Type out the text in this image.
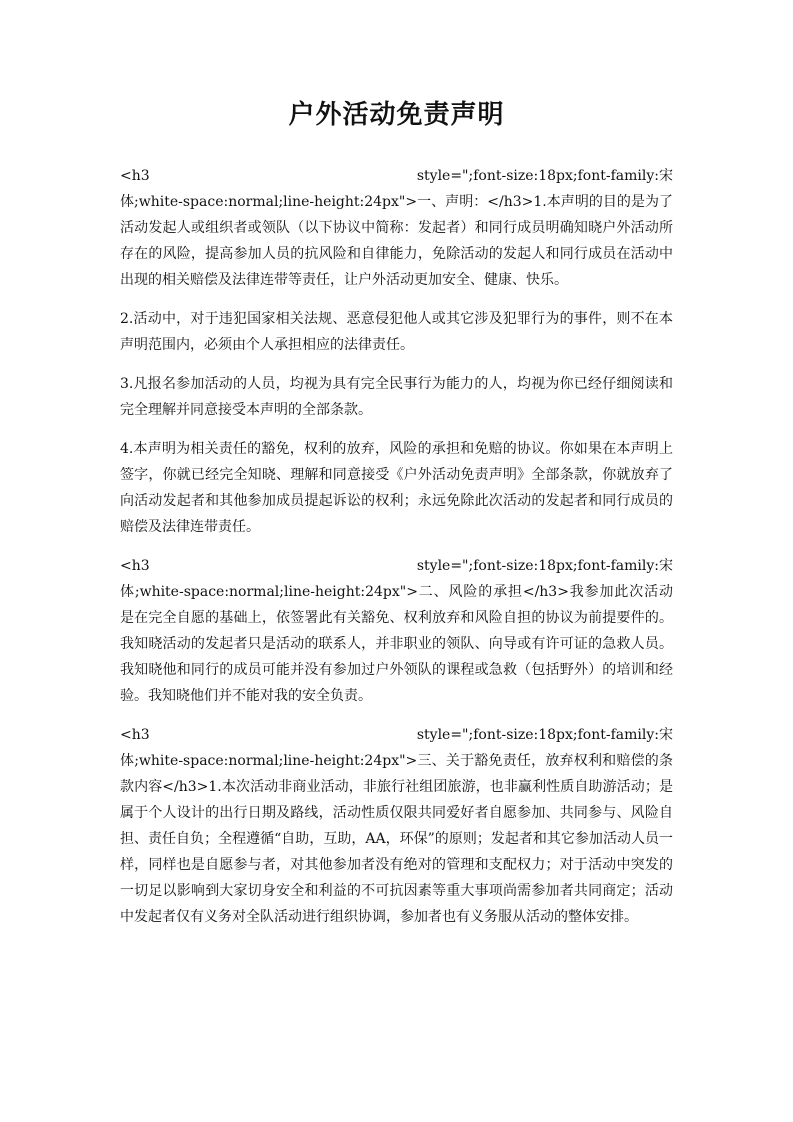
户外活动免责声明
<h3	style=";font-size:18px;font-family:宋
体;white-space:normal;line-height:24px">一、声明：</h3>1.本声明的目的是为了活动发起人或组织者或领队（以下协议中简称：发起者）和同行成员明确知晓户外活动所存在的风险，提高参加人员的抗风险和自律能力，免除活动的发起人和同行成员在活动中出现的相关赔偿及法律连带等责任，让户外活动更加安全、健康、快乐。
2.活动中，对于违犯国家相关法规、恶意侵犯他人或其它涉及犯罪行为的事件，则不在本声明范围内，必须由个人承担相应的法律责任。
3.凡报名参加活动的人员，均视为具有完全民事行为能力的人，均视为你已经仔细阅读和完全理解并同意接受本声明的全部条款。
4.本声明为相关责任的豁免，权利的放弃，风险的承担和免赔的协议。你如果在本声明上签字，你就已经完全知晓、理解和同意接受《户外活动免责声明》全部条款，你就放弃了向活动发起者和其他参加成员提起诉讼的权利；永远免除此次活动的发起者和同行成员的赔偿及法律连带责任。
<h3	style=";font-size:18px;font-family:宋
体;white-space:normal;line-height:24px">二、风险的承担</h3>我参加此次活动是在完全自愿的基础上，依签署此有关豁免、权利放弃和风险自担的协议为前提要件的。我知晓活动的发起者只是活动的联系人，并非职业的领队、向导或有许可证的急救人员。我知晓他和同行的成员可能并没有参加过户外领队的课程或急救（包括野外）的培训和经验。我知晓他们并不能对我的安全负责。
<h3	style=";font-size:18px;font-family:宋
体;white-space:normal;line-height:24px">三、关于豁免责任，放弃权利和赔偿的条款内容</h3>1.本次活动非商业活动，非旅行社组团旅游，也非赢利性质自助游活动；是属于个人设计的出行日期及路线，活动性质仅限共同爱好者自愿参加、共同参与、风险自担、责任自负；全程遵循“自助，互助，AA，环保”的原则；发起者和其它参加活动人员一样，同样也是自愿参与者，对其他参加者没有绝对的管理和支配权力；对于活动中突发的一切足以影响到大家切身安全和利益的不可抗因素等重大事项尚需参加者共同商定；活动中发起者仅有义务对全队活动进行组织协调，参加者也有义务服从活动的整体安排。
